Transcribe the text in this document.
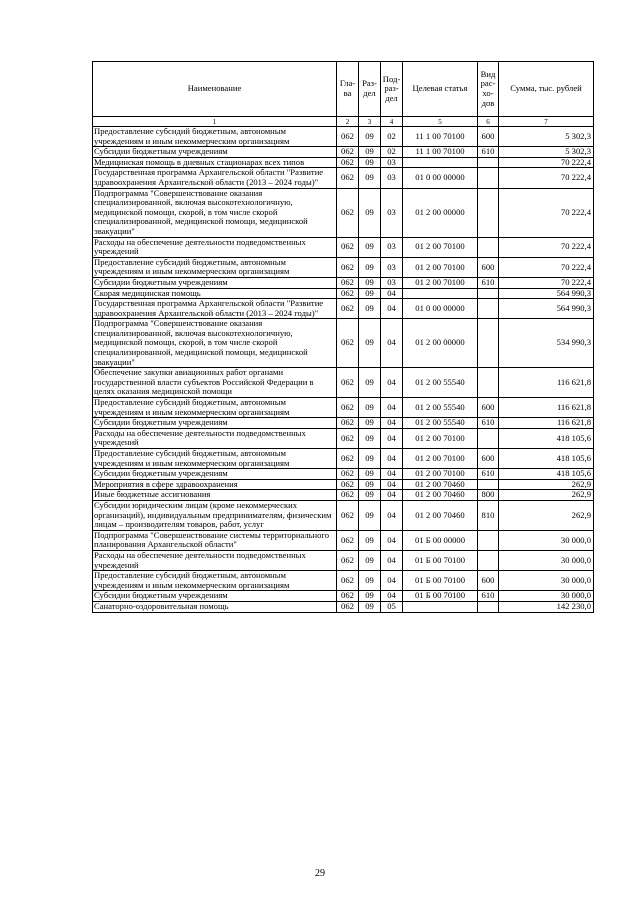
Наименование	Гла-ва	Раз-дел	Под-раз-дел	Целевая статья	Вид рас-хо-дов	Сумма, тыс. рублей
1	2	3	4	5	6	7
Предоставление субсидий бюджетным, автономным учреждениям и иным некоммерческим организациям	062	09	02	11 1 00 70100	600	5 302,3
Субсидии бюджетным учреждениям	062	09	02	11 1 00 70100	610	5 302,3
Медицинская помощь в дневных стационарах всех типов	062	09	03			70 222,4
Государственная программа Архангельской области "Развитие здравоохранения Архангельской области (2013 – 2024 годы)"	062	09	03	01 0 00 00000		70 222,4
Подпрограмма "Совершенствование оказания специализированной, включая высокотехнологичную, медицинской помощи, скорой, в том числе скорой специализированной, медицинской помощи, медицинской эвакуации"	062	09	03	01 2 00 00000		70 222,4
Расходы на обеспечение деятельности подведомственных учреждений	062	09	03	01 2 00 70100		70 222,4
Предоставление субсидий бюджетным, автономным учреждениям и иным некоммерческим организациям	062	09	03	01 2 00 70100	600	70 222,4
Субсидии бюджетным учреждениям	062	09	03	01 2 00 70100	610	70 222,4
Скорая медицинская помощь	062	09	04			564 990,3
Государственная программа Архангельской области "Развитие здравоохранения Архангельской области (2013 – 2024 годы)"	062	09	04	01 0 00 00000		564 990,3
Подпрограмма "Совершенствование оказания специализированной, включая высокотехнологичную, медицинской помощи, скорой, в том числе скорой специализированной, медицинской помощи, медицинской эвакуации"	062	09	04	01 2 00 00000		534 990,3
Обеспечение закупки авиационных работ органами государственной власти субъектов Российской Федерации в целях оказания медицинской помощи	062	09	04	01 2 00 55540		116 621,8
Предоставление субсидий бюджетным, автономным учреждениям и иным некоммерческим организациям	062	09	04	01 2 00 55540	600	116 621,8
Субсидии бюджетным учреждениям	062	09	04	01 2 00 55540	610	116 621,8
Расходы на обеспечение деятельности подведомственных учреждений	062	09	04	01 2 00 70100		418 105,6
Предоставление субсидий бюджетным, автономным учреждениям и иным некоммерческим организациям	062	09	04	01 2 00 70100	600	418 105,6
Субсидии бюджетным учреждениям	062	09	04	01 2 00 70100	610	418 105,6
Мероприятия в сфере здравоохранения	062	09	04	01 2 00 70460		262,9
Иные бюджетные ассигнования	062	09	04	01 2 00 70460	800	262,9
Субсидии юридическим лицам (кроме некоммерческих организаций), индивидуальным предпринимателям, физическим лицам – производителям товаров, работ, услуг	062	09	04	01 2 00 70460	810	262,9
Подпрограмма "Совершенствование системы территориального планирования Архангельской области"	062	09	04	01 Б 00 00000		30 000,0
Расходы на обеспечение деятельности подведомственных учреждений	062	09	04	01 Б 00 70100		30 000,0
Предоставление субсидий бюджетным, автономным учреждениям и иным некоммерческим организациям	062	09	04	01 Б 00 70100	600	30 000,0
Субсидии бюджетным учреждениям	062	09	04	01 Б 00 70100	610	30 000,0
Санаторно-оздоровительная помощь	062	09	05			142 230,0
29
